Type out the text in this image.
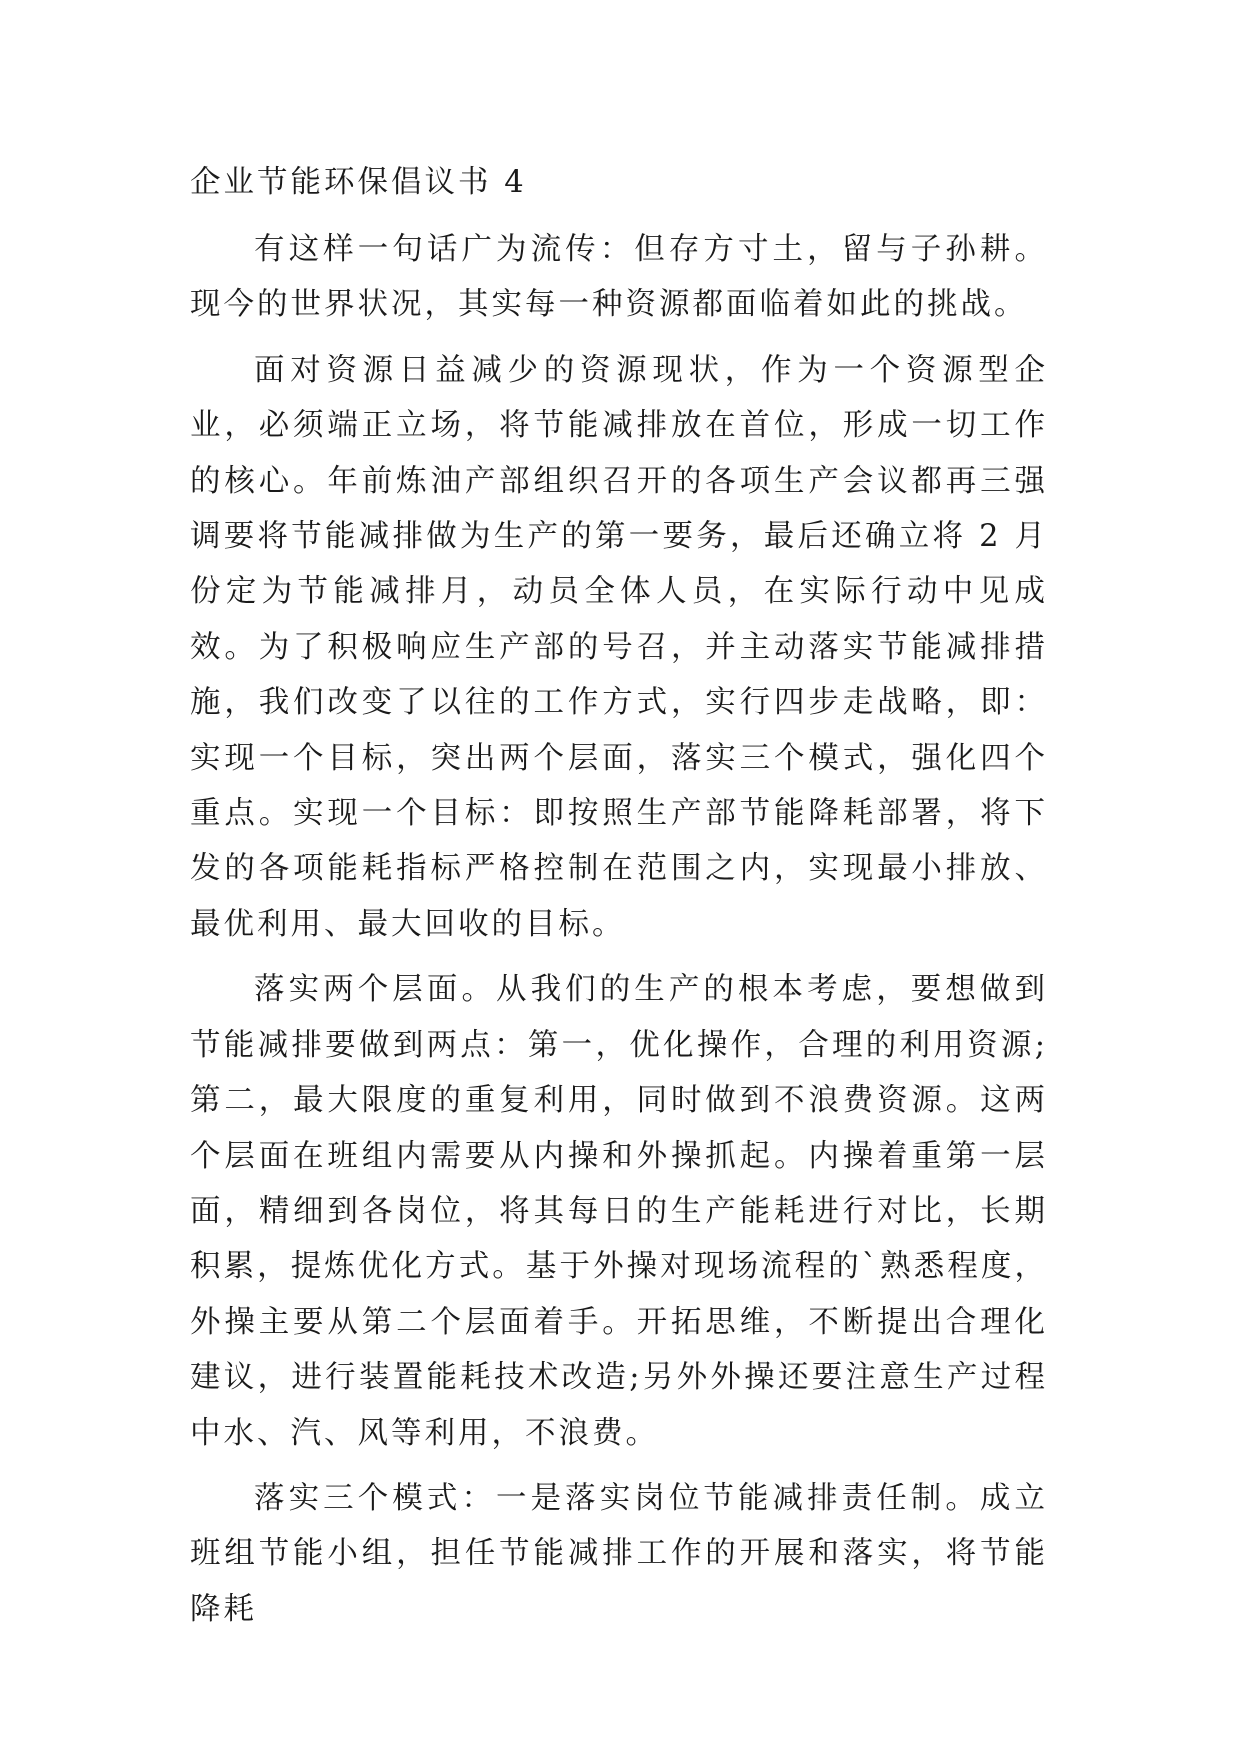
企业节能环保倡议书 4

有这样一句话广为流传：但存方寸土，留与子孙耕。现今的世界状况，其实每一种资源都面临着如此的挑战。

面对资源日益减少的资源现状，作为一个资源型企业，必须端正立场，将节能减排放在首位，形成一切工作的核心。年前炼油产部组织召开的各项生产会议都再三强调要将节能减排做为生产的第一要务，最后还确立将 2 月份定为节能减排月，动员全体人员，在实际行动中见成效。为了积极响应生产部的号召，并主动落实节能减排措施，我们改变了以往的工作方式，实行四步走战略，即：实现一个目标，突出两个层面，落实三个模式，强化四个重点。实现一个目标：即按照生产部节能降耗部署，将下发的各项能耗指标严格控制在范围之内，实现最小排放、最优利用、最大回收的目标。

落实两个层面。从我们的生产的根本考虑，要想做到节能减排要做到两点：第一，优化操作，合理的利用资源;第二，最大限度的重复利用，同时做到不浪费资源。这两个层面在班组内需要从内操和外操抓起。内操着重第一层面，精细到各岗位，将其每日的生产能耗进行对比，长期积累，提炼优化方式。基于外操对现场流程的`熟悉程度，外操主要从第二个层面着手。开拓思维，不断提出合理化建议，进行装置能耗技术改造;另外外操还要注意生产过程中水、汽、风等利用，不浪费。

落实三个模式：一是落实岗位节能减排责任制。成立班组节能小组，担任节能减排工作的开展和落实，将节能降耗
